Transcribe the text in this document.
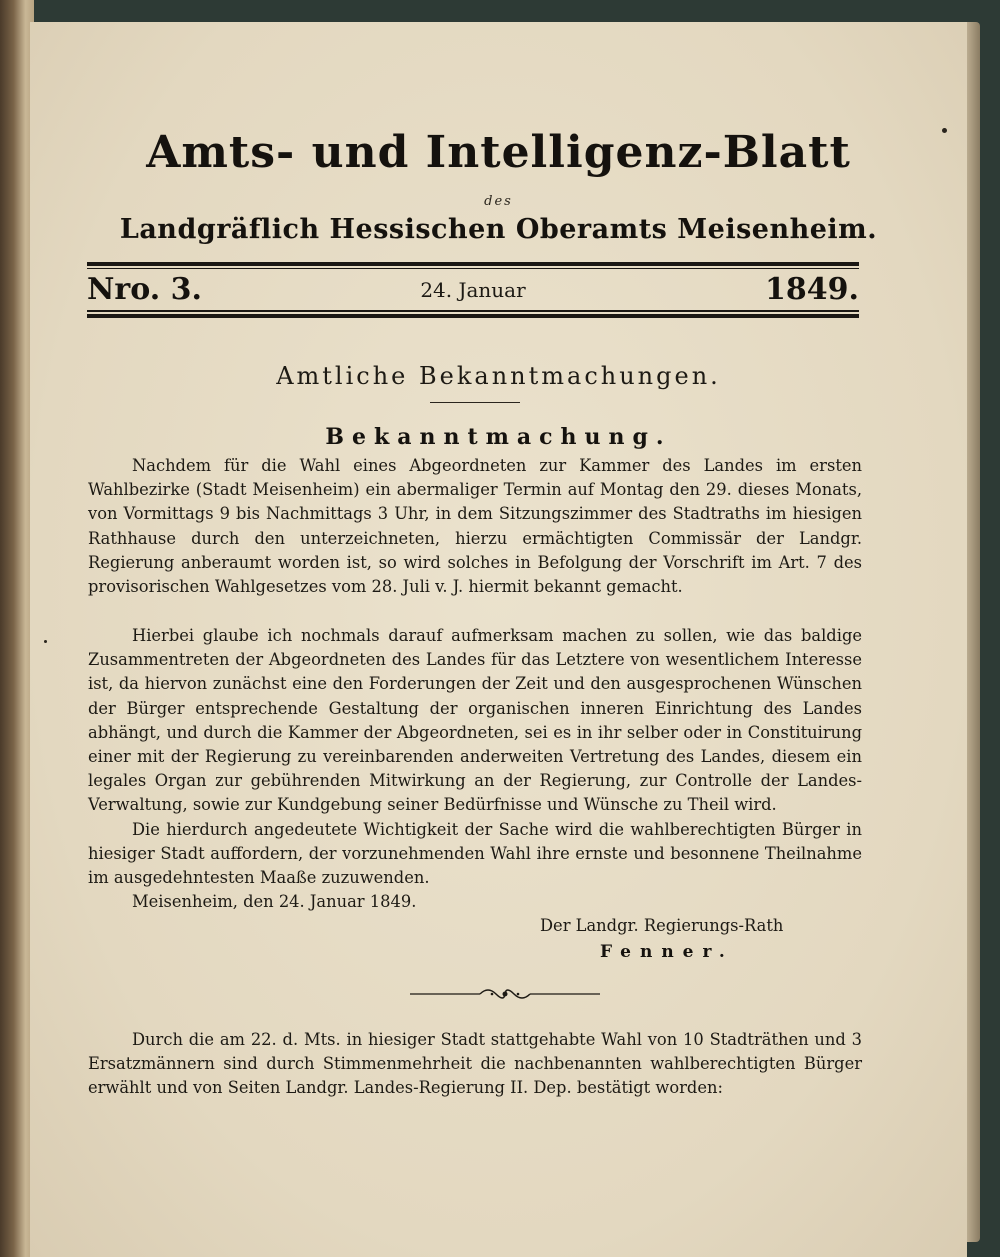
Amts- und Intelligenz-Blatt
des
Landgräflich Hessischen Oberamts Meisenheim.
Nro. 3.	24. Januar	1849.
Amtliche Bekanntmachungen.
Bekanntmachung.

Nachdem für die Wahl eines Abgeordneten zur Kammer des Landes im ersten Wahlbezirke (Stadt Meisenheim) ein abermaliger Termin auf Montag den 29. dieses Monats, von Vormittags 9 bis Nachmittags 3 Uhr, in dem Sitzungszimmer des Stadtraths im hiesigen Rathhause durch den unterzeichneten, hierzu ermächtigten Commissär der Landgr. Regierung anberaumt worden ist, so wird solches in Befolgung der Vorschrift im Art. 7 des provisorischen Wahlgesetzes vom 28. Juli v. J. hiermit bekannt gemacht.

Hierbei glaube ich nochmals darauf aufmerksam machen zu sollen, wie das baldige Zusammentreten der Abgeordneten des Landes für das Letztere von wesentlichem Interesse ist, da hiervon zunächst eine den Forderungen der Zeit und den ausgesprochenen Wünschen der Bürger entsprechende Gestaltung der organischen inneren Einrichtung des Landes abhängt, und durch die Kammer der Abgeordneten, sei es in ihr selber oder in Constituirung einer mit der Regierung zu vereinbarenden anderweiten Vertretung des Landes, diesem ein legales Organ zur gebührenden Mitwirkung an der Regierung, zur Controlle der Landes-Verwaltung, sowie zur Kundgebung seiner Bedürfnisse und Wünsche zu Theil wird.

Die hierdurch angedeutete Wichtigkeit der Sache wird die wahlberechtigten Bürger in hiesiger Stadt auffordern, der vorzunehmenden Wahl ihre ernste und besonnene Theilnahme im ausgedehntesten Maaße zuzuwenden.

Meisenheim, den 24. Januar 1849.
Der Landgr. Regierungs-Rath
Fenner.

Durch die am 22. d. Mts. in hiesiger Stadt stattgehabte Wahl von 10 Stadträthen und 3 Ersatzmännern sind durch Stimmenmehrheit die nachbenannten wahlberechtigten Bürger erwählt und von Seiten Landgr. Landes-Regierung II. Dep. bestätigt worden:
